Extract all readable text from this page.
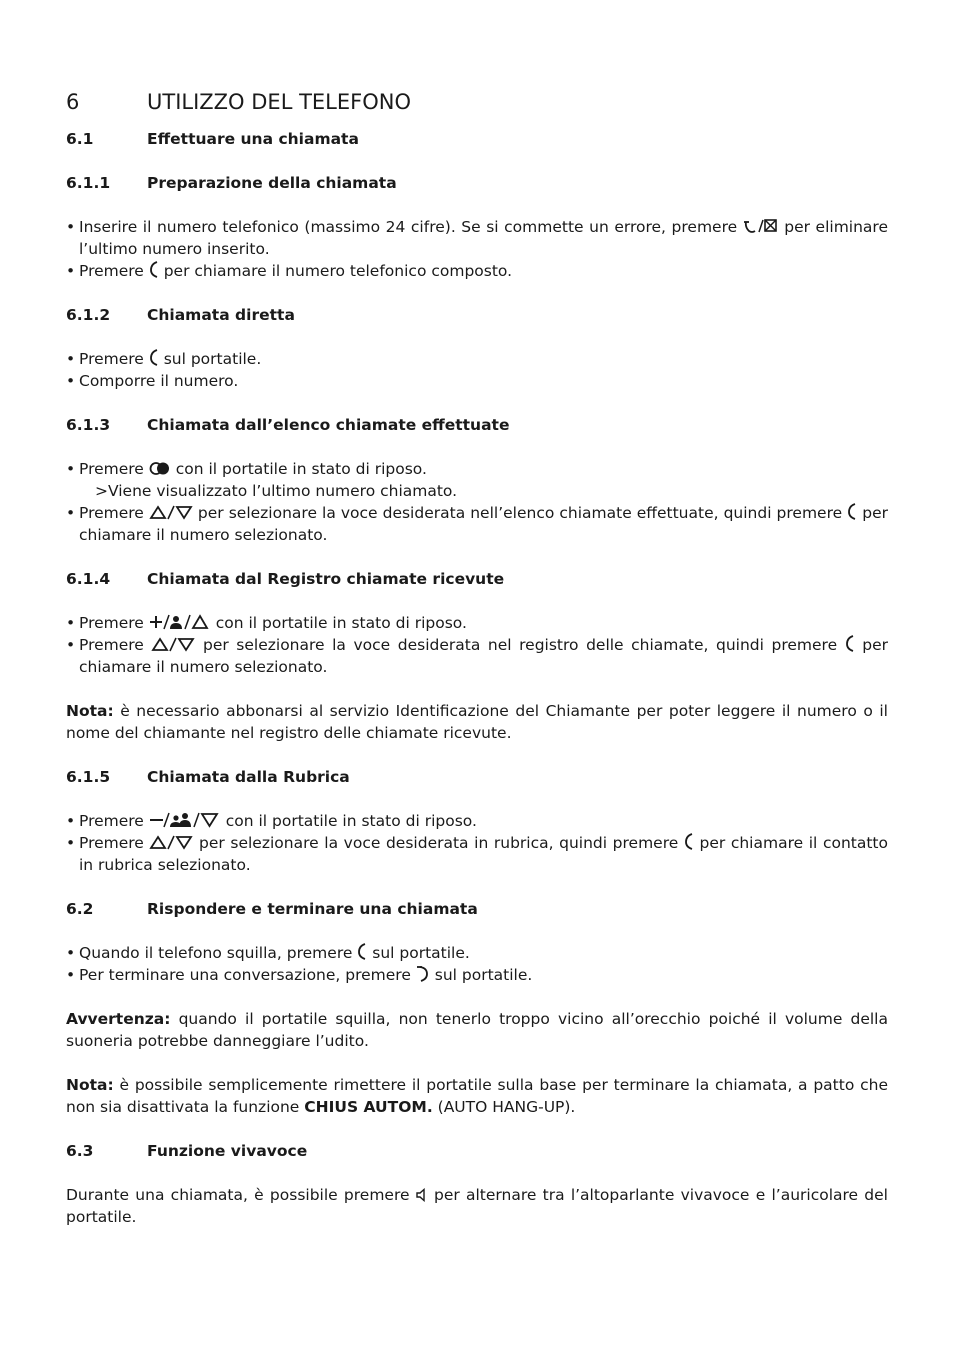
6	UTILIZZO DEL TELEFONO
6.1	Effettuare una chiamata
6.1.1	Preparazione della chiamata
• Inserire il numero telefonico (massimo 24 cifre). Se si commette un errore, premere
per eliminare l’ultimo numero inserito.
• Premere
per chiamare il numero telefonico composto.
6.1.2	Chiamata diretta
• Premere
sul portatile.
• Comporre il numero.
6.1.3	Chiamata dall’elenco chiamate effettuate
• Premere
con il portatile in stato di riposo.
>Viene visualizzato l’ultimo numero chiamato.
• Premere	per selezionare la voce desiderata nell’elenco chiamate effettuate, quindi premere
per chiamare il numero selezionato.
6.1.4	Chiamata dal Registro chiamate ricevute
• Premere	con il portatile in stato di riposo.
• Premere	per selezionare la voce desiderata nel registro delle chiamate, quindi premere
per chiamare il numero selezionato.

Nota: è necessario abbonarsi al servizio Identificazione del Chiamante per poter leggere il numero o il nome del chiamante nel registro delle chiamate ricevute.

6.1.5	Chiamata dalla Rubrica
• Premere	con il portatile in stato di riposo.
• Premere	per selezionare la voce desiderata in rubrica, quindi premere
per chiamare il contatto in rubrica selezionato.
6.2	Rispondere e terminare una chiamata
• Quando il telefono squilla, premere
sul portatile.
• Per terminare una conversazione, premere
sul portatile.

Avvertenza: quando il portatile squilla, non tenerlo troppo vicino all’orecchio poiché il volume della suoneria potrebbe danneggiare l’udito.

Nota: è possibile semplicemente rimettere il portatile sulla base per terminare la chiamata, a patto che non sia disattivata la funzione CHIUS AUTOM. (AUTO HANG-UP).

6.3	Funzione vivavoce

Durante una chiamata, è possibile premere
per alternare tra l’altoparlante vivavoce e l’auricolare del portatile.
